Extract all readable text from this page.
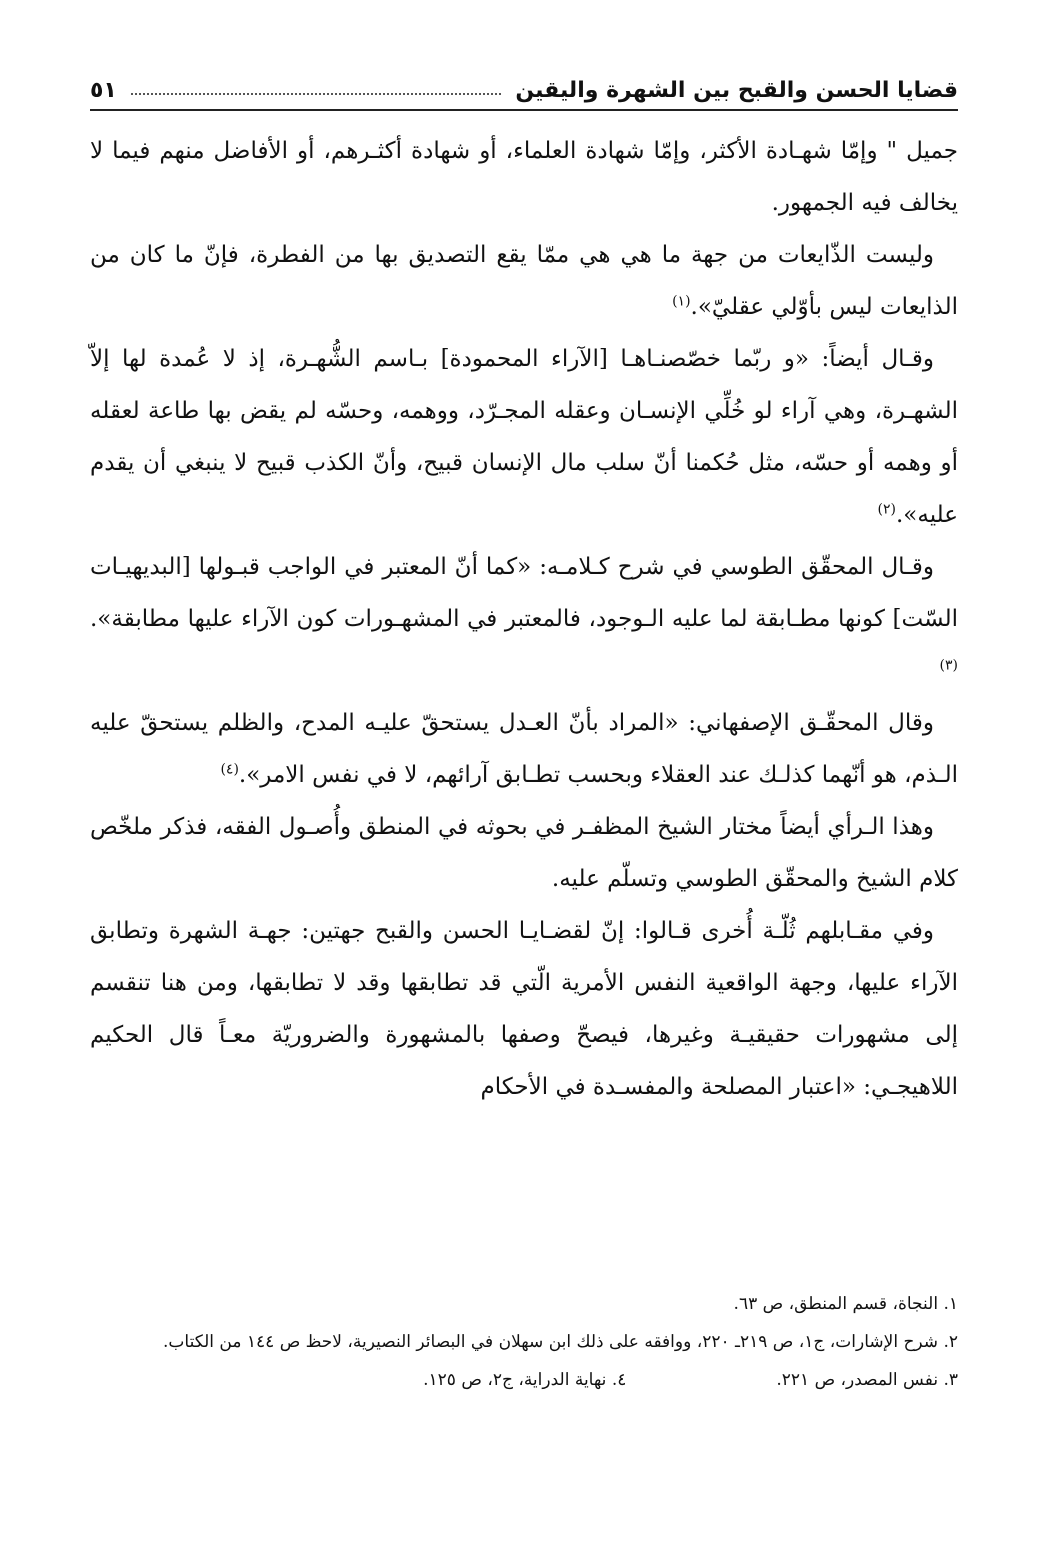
قضايا الحسن والقبح بين الشهرة واليقين
٥١

جميل " وإمّا شهـادة الأكثر، وإمّا شهادة العلماء، أو شهادة أكثـرهم، أو الأفاضل منهم فيما لا يخالف فيه الجمهور.

وليست الذّايعات من جهة ما هي هي ممّا يقع التصديق بها من الفطرة، فإنّ ما كان من الذايعات ليس بأوّلي عقليّ».$^{(١)}$

وقـال أيضاً: «و ربّما خصّصنـاهـا [الآراء المحمودة] بـاسم الشُّهـرة، إذ لا عُمدة لها إلاّ الشهـرة، وهي آراء لو خُلِّي الإنسـان وعقله المجـرّد، ووهمه، وحسّه لم يقض بها طاعة لعقله أو وهمه أو حسّه، مثل حُكمنا أنّ سلب مال الإنسان قبيح، وأنّ الكذب قبيح لا ينبغي أن يقدم عليه».$^{(٢)}$

وقـال المحقّق الطوسي في شرح كـلامـه: «كما أنّ المعتبر في الواجب قبـولها [البديهيـات السّت] كونها مطـابقة لما عليه الـوجود، فالمعتبر في المشهـورات كون الآراء عليها مطابقة».$^{(٣)}$

وقال المحقّـق الإصفهاني: «المراد بأنّ العـدل يستحقّ عليـه المدح، والظلم يستحقّ عليه الـذم، هو أنّهما كذلـك عند العقلاء وبحسب تطـابق آرائهم، لا في نفس الامر».$^{(٤)}$

وهذا الـرأي أيضاً مختار الشيخ المظفـر في بحوثه في المنطق وأُصـول الفقه، فذكر ملخّص كلام الشيخ والمحقّق الطوسي وتسلّم عليه.

وفي مقـابلهم ثُلّـة أُخرى قـالوا: إنّ لقضـايـا الحسن والقبح جهتين: جهـة الشهرة وتطابق الآراء عليها، وجهة الواقعية النفس الأمرية الّتي قد تطابقها وقد لا تطابقها، ومن هنا تنقسم إلى مشهورات حقيقيـة وغيرها، فيصحّ وصفها بالمشهورة والضروريّة معـاً قال الحكيم اللاهيجـي: «اعتبار المصلحة والمفسـدة في الأحكام

١. النجاة، قسم المنطق، ص ٦٣.

٢. شرح الإشارات، ج١، ص ٢١٩ـ ٢٢٠، ووافقه على ذلك ابن سهلان في البصائر النصيرية، لاحظ ص ١٤٤ من الكتاب.

٣. نفس المصدر، ص ٢٢١.
٤. نهاية الدراية، ج٢، ص ١٢٥.
